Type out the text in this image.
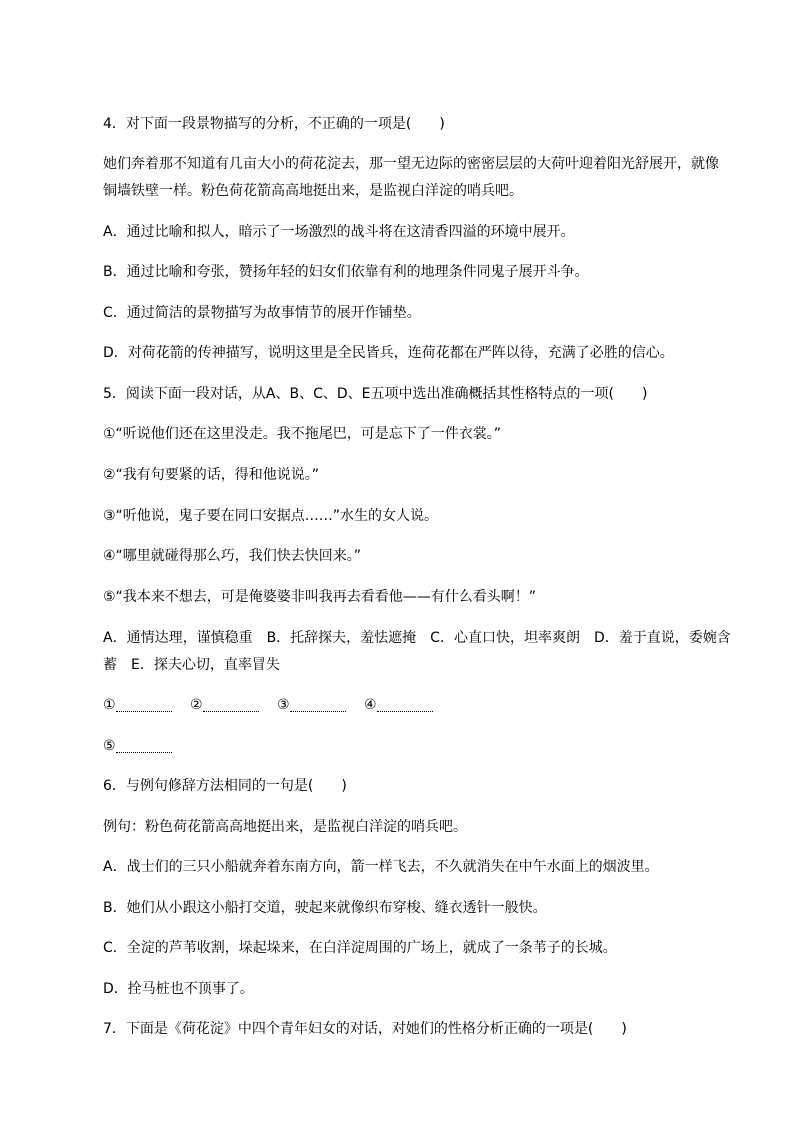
4．对下面一段景物描写的分析，不正确的一项是(　　)
她们奔着那不知道有几亩大小的荷花淀去，那一望无边际的密密层层的大荷叶迎着阳光舒展开，就像
铜墙铁壁一样。粉色荷花箭高高地挺出来，是监视白洋淀的哨兵吧。
A．通过比喻和拟人，暗示了一场激烈的战斗将在这清香四溢的环境中展开。
B．通过比喻和夸张，赞扬年轻的妇女们依靠有利的地理条件同鬼子展开斗争。
C．通过简洁的景物描写为故事情节的展开作铺垫。
D．对荷花箭的传神描写，说明这里是全民皆兵，连荷花都在严阵以待，充满了必胜的信心。
5．阅读下面一段对话，从A、B、C、D、E五项中选出准确概括其性格特点的一项(　　)
①“听说他们还在这里没走。我不拖尾巴，可是忘下了一件衣裳。”
②“我有句要紧的话，得和他说说。”
③“听他说，鬼子要在同口安据点……”水生的女人说。
④“哪里就碰得那么巧，我们快去快回来。”
⑤“我本来不想去，可是俺婆婆非叫我再去看看他——有什么看头啊！”
A．通情达理，谨慎稳重　B．托辞探夫，羞怯遮掩　C．心直口快，坦率爽朗　D．羞于直说，委婉含
蓄　E．探夫心切，直率冒失
①	②	③	④
⑤
6．与例句修辞方法相同的一句是(　　)
例句：粉色荷花箭高高地挺出来，是监视白洋淀的哨兵吧。
A．战士们的三只小船就奔着东南方向，箭一样飞去，不久就消失在中午水面上的烟波里。
B．她们从小跟这小船打交道，驶起来就像织布穿梭、缝衣透针一般快。
C．全淀的芦苇收割，垛起垛来，在白洋淀周围的广场上，就成了一条苇子的长城。
D．拴马桩也不顶事了。
7．下面是《荷花淀》中四个青年妇女的对话，对她们的性格分析正确的一项是(　　)
